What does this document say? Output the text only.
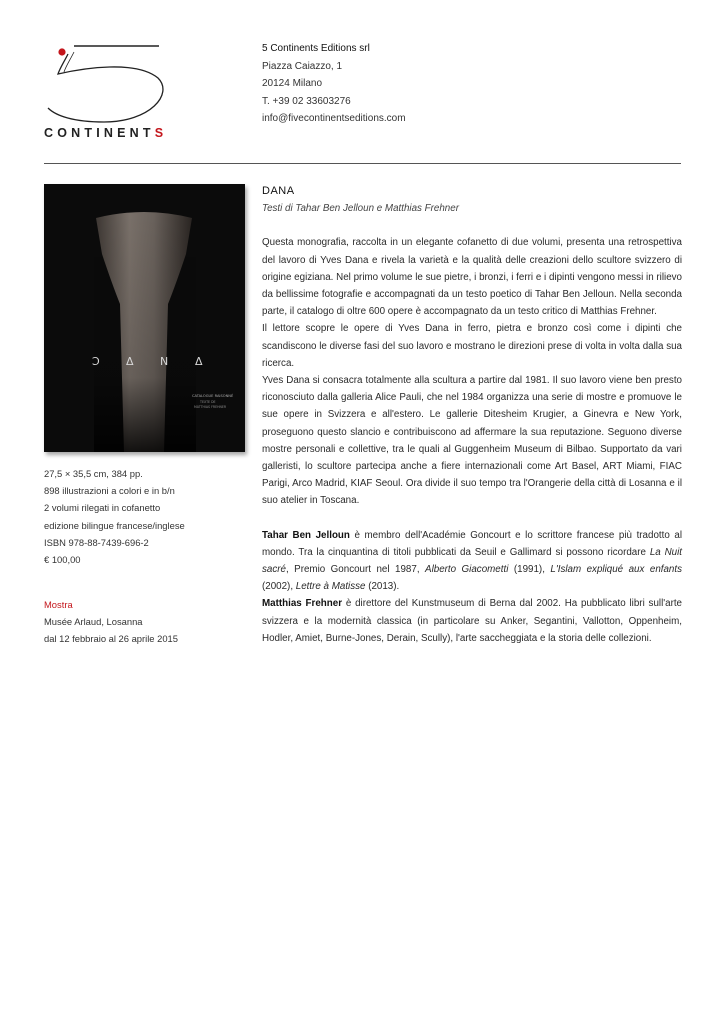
CONTINENTS
5 Continents Editions srl
Piazza Caiazzo, 1
20124 Milano
T. +39 02 33603276
info@fivecontinentseditions.com
Ͻ Δ Ν Δ
CATALOGUE RAISONNÉ
TEXTE DE
MATTHIAS FREHNER
27,5 × 35,5 cm, 384 pp.
898 illustrazioni a colori e in b/n
2 volumi rilegati in cofanetto
edizione bilingue francese/inglese
ISBN 978-88-7439-696-2
€ 100,00
Mostra
Musée Arlaud, Losanna
dal 12 febbraio al 26 aprile 2015
DANA
Testi di Tahar Ben Jelloun e Matthias Frehner

Questa monografia, raccolta in un elegante cofanetto di due volumi, presenta una retrospettiva del lavoro di Yves Dana e rivela la varietà e la qualità delle creazioni dello scultore svizzero di origine egiziana. Nel primo volume le sue pietre, i bronzi, i ferri e i dipinti vengono messi in rilievo da bellissime fotografie e accompagnati da un testo poetico di Tahar Ben Jelloun. Nella seconda parte, il catalogo di oltre 600 opere è accompagnato da un testo critico di Matthias Frehner.

Il lettore scopre le opere di Yves Dana in ferro, pietra e bronzo così come i dipinti che scandiscono le diverse fasi del suo lavoro e mostrano le direzioni prese di volta in volta dalla sua ricerca.

Yves Dana si consacra totalmente alla scultura a partire dal 1981. Il suo lavoro viene ben presto riconosciuto dalla galleria Alice Pauli, che nel 1984 organizza una serie di mostre e promuove le sue opere in Svizzera e all'estero. Le gallerie Ditesheim Krugier, a Ginevra e New York, proseguono questo slancio e contribuiscono ad affermare la sua reputazione. Seguono diverse mostre personali e collettive, tra le quali al Guggenheim Museum di Bilbao. Supportato da vari galleristi, lo scultore partecipa anche a fiere internazionali come Art Basel, ART Miami, FIAC Parigi, Arco Madrid, KIAF Seoul. Ora divide il suo tempo tra l'Orangerie della città di Losanna e il suo atelier in Toscana.

Tahar Ben Jelloun è membro dell'Académie Goncourt e lo scrittore francese più tradotto al mondo. Tra la cinquantina di titoli pubblicati da Seuil e Gallimard si possono ricordare La Nuit sacré, Premio Goncourt nel 1987, Alberto Giacometti (1991), L'Islam expliqué aux enfants (2002), Lettre à Matisse (2013).

Matthias Frehner è direttore del Kunstmuseum di Berna dal 2002. Ha pubblicato libri sull'arte svizzera e la modernità classica (in particolare su Anker, Segantini, Vallotton, Oppenheim, Hodler, Amiet, Burne-Jones, Derain, Scully), l'arte saccheggiata e la storia delle collezioni.
